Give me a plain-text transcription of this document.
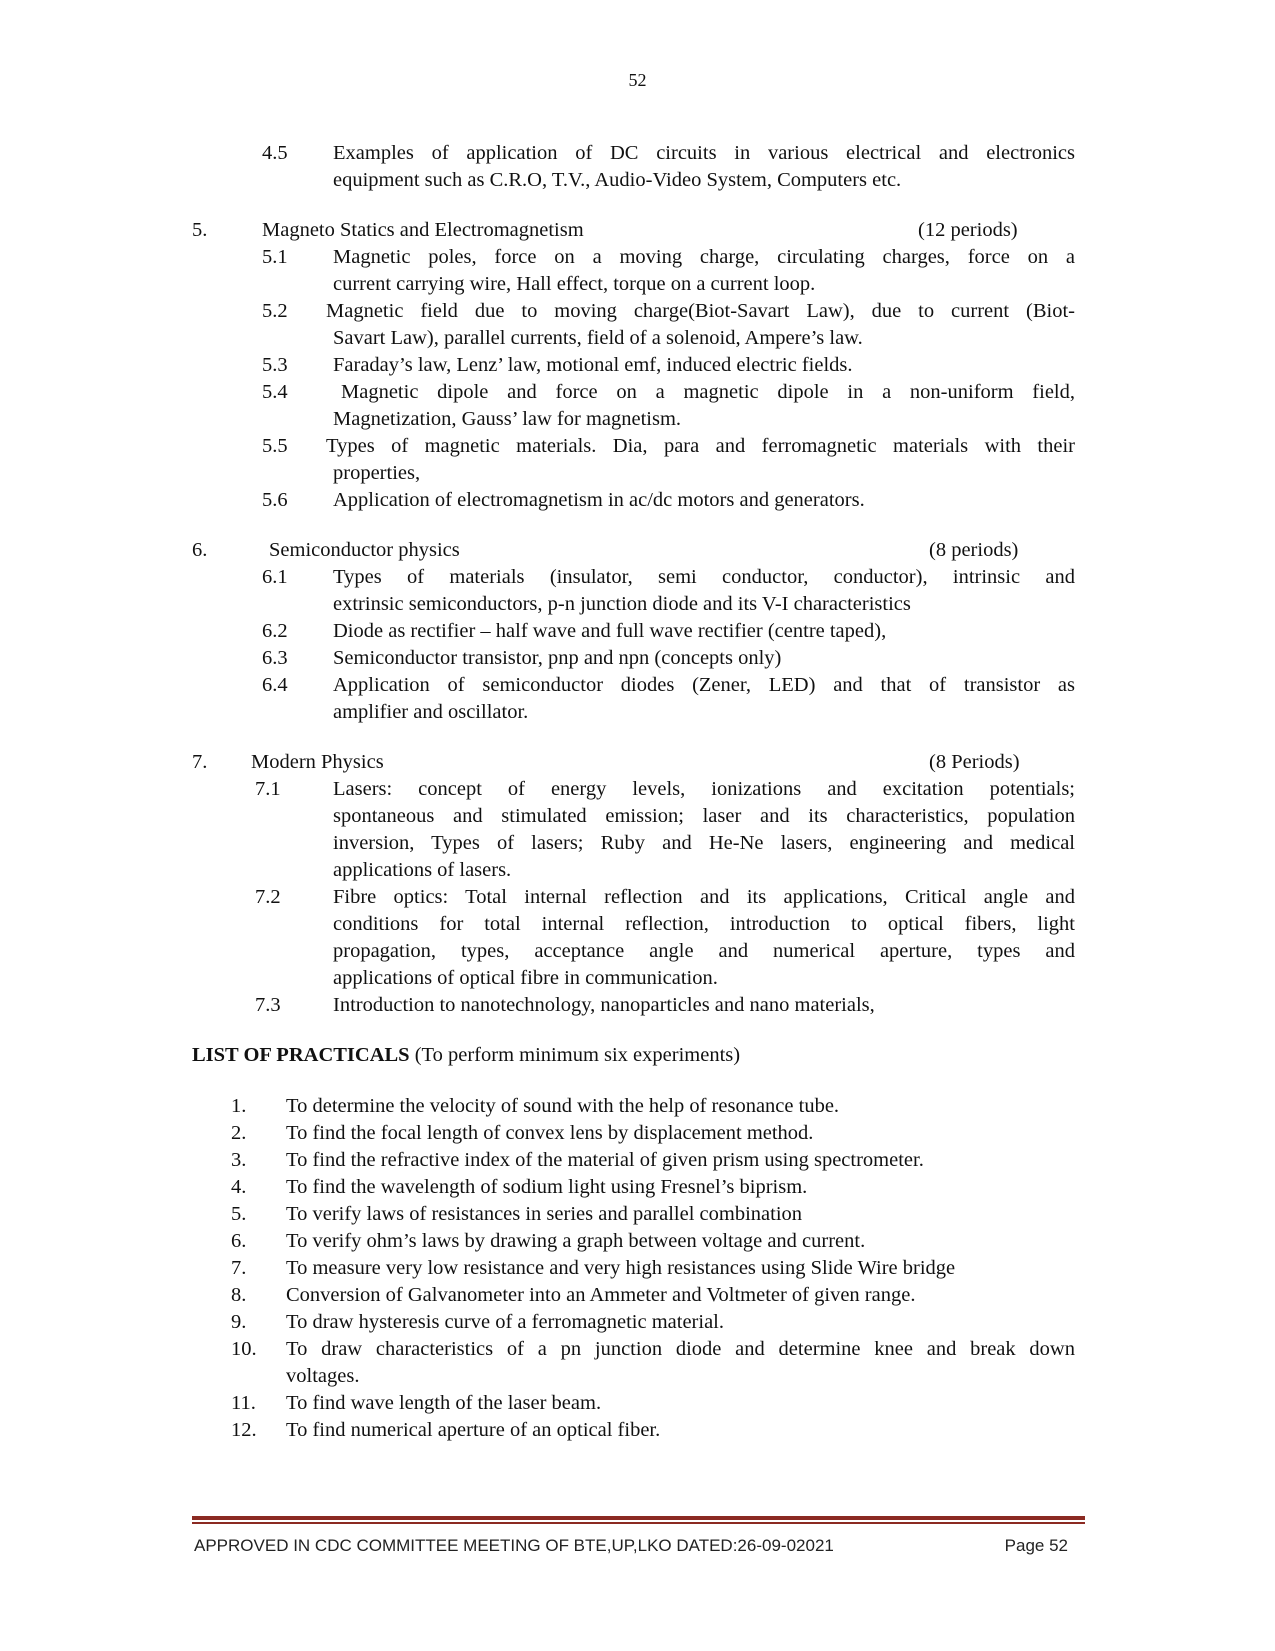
52
4.5 Examples of application of DC circuits in various electrical and electronics
equipment such as C.R.O, T.V., Audio-Video System, Computers etc.
5.	Magneto Statics and Electromagnetism	(12 periods)
5.1 Magnetic poles, force on a moving charge, circulating charges, force on a
current carrying wire, Hall effect, torque on a current loop.
5.2 Magnetic field due to moving charge(Biot-Savart Law), due to current (Biot-
Savart Law), parallel currents, field of a solenoid, Ampere’s law.
5.3 Faraday’s law, Lenz’ law, motional emf, induced electric fields.
5.4	Magnetic dipole and force on a magnetic dipole in a non-uniform field,
Magnetization, Gauss’ law for magnetism.
5.5 Types of magnetic materials. Dia, para and ferromagnetic materials with their
properties,
5.6 Application of electromagnetism in ac/dc motors and generators.
6.	Semiconductor physics	(8 periods)
6.1 Types of materials (insulator, semi conductor, conductor), intrinsic and
extrinsic semiconductors, p-n junction diode and its V-I characteristics
6.2 Diode as rectifier – half wave and full wave rectifier (centre taped),
6.3 Semiconductor transistor, pnp and npn (concepts only)
6.4 Application of semiconductor diodes (Zener, LED) and that of transistor as
amplifier and oscillator.
7. Modern Physics	(8 Periods)
7.1	Lasers: concept of energy levels, ionizations and excitation potentials;
spontaneous and stimulated emission; laser and its characteristics, population
inversion, Types of lasers; Ruby and He-Ne lasers, engineering and medical
applications of lasers.
7.2	Fibre optics: Total internal reflection and its applications, Critical angle and
conditions for total internal reflection, introduction to optical fibers, light
propagation, types, acceptance angle and numerical aperture, types and
applications of optical fibre in communication.
7.3	Introduction to nanotechnology, nanoparticles and nano materials,
LIST OF PRACTICALS (To perform minimum six experiments)
1. To determine the velocity of sound with the help of resonance tube.
2. To find the focal length of convex lens by displacement method.
3. To find the refractive index of the material of given prism using spectrometer.
4. To find the wavelength of sodium light using Fresnel’s biprism.
5. To verify laws of resistances in series and parallel combination
6. To verify ohm’s laws by drawing a graph between voltage and current.
7. To measure very low resistance and very high resistances using Slide Wire bridge
8. Conversion of Galvanometer into an Ammeter and Voltmeter of given range.
9. To draw hysteresis curve of a ferromagnetic material.
10. To draw characteristics of a pn junction diode and determine knee and break down
voltages.
11. To find wave length of the laser beam.
12. To find numerical aperture of an optical fiber.
APPROVED IN CDC COMMITTEE MEETING OF BTE,UP,LKO DATED:26-09-02021	Page 52
